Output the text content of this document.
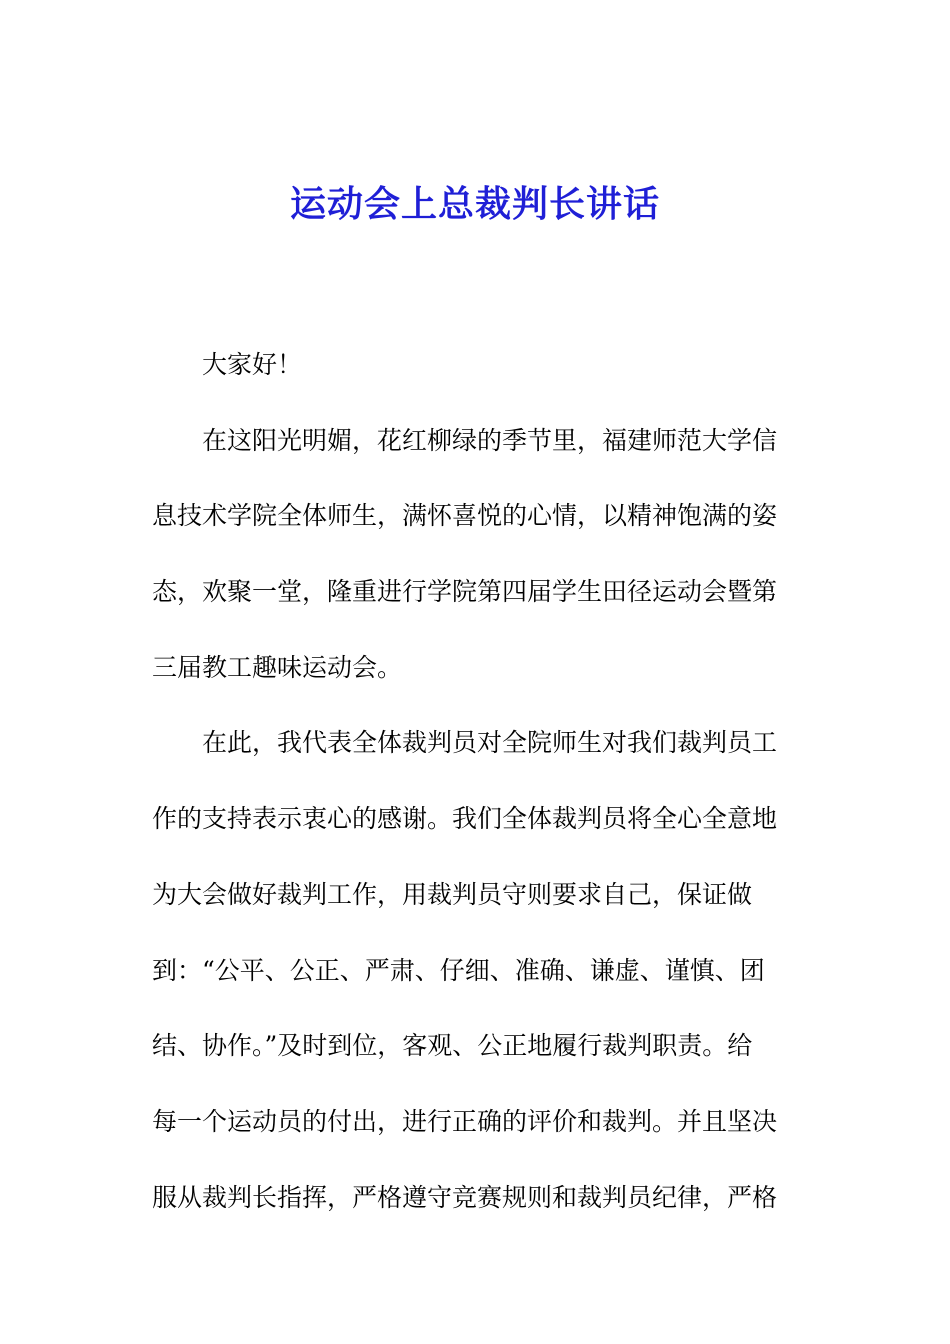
运动会上总裁判长讲话
大家好！
在这阳光明媚，花红柳绿的季节里，福建师范大学信
息技术学院全体师生，满怀喜悦的心情，以精神饱满的姿
态，欢聚一堂，隆重进行学院第四届学生田径运动会暨第
三届教工趣味运动会。
在此，我代表全体裁判员对全院师生对我们裁判员工
作的支持表示衷心的感谢。我们全体裁判员将全心全意地
为大会做好裁判工作，用裁判员守则要求自己，保证做
到：“公平、公正、严肃、仔细、准确、谦虚、谨慎、团
结、协作。”及时到位，客观、公正地履行裁判职责。给
每一个运动员的付出，进行正确的评价和裁判。并且坚决
服从裁判长指挥，严格遵守竞赛规则和裁判员纪律，严格
